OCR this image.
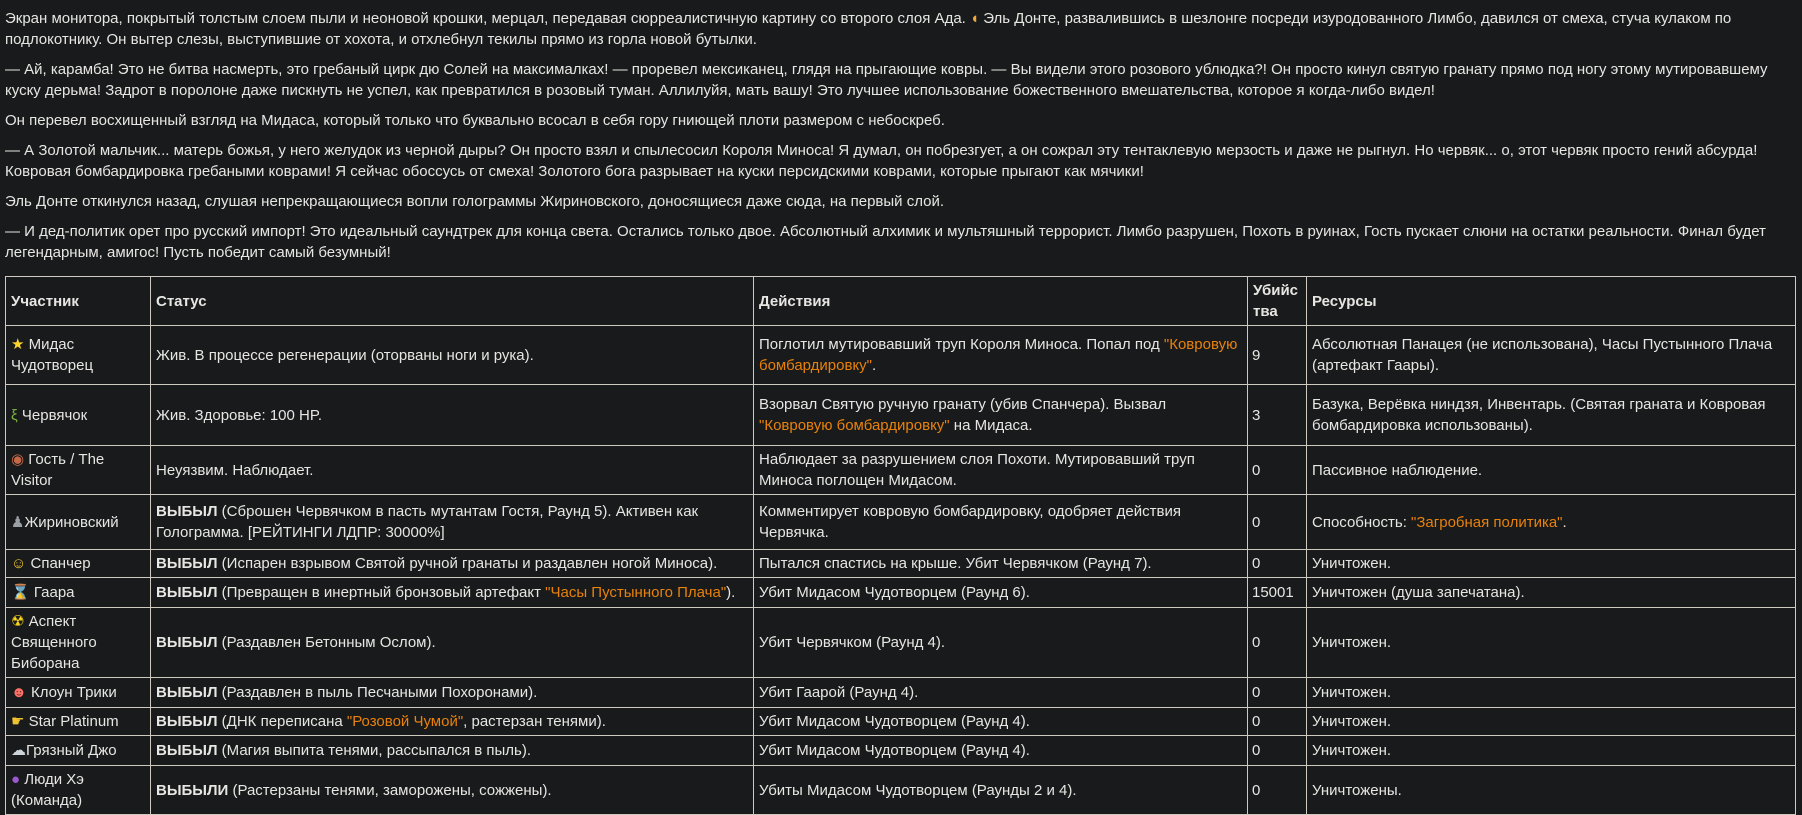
Экран монитора, покрытый толстым слоем пыли и неоновой крошки, мерцал, передавая сюрреалистичную картину со второго слоя Ада. ◖ Эль Донте, развалившись в шезлонге посреди изуродованного Лимбо, давился от смеха, стуча кулаком по подлокотнику. Он вытер слезы, выступившие от хохота, и отхлебнул текилы прямо из горла новой бутылки.

— Ай, карамба! Это не битва насмерть, это гребаный цирк дю Солей на максималках! — проревел мексиканец, глядя на прыгающие ковры. — Вы видели этого розового ублюдка?! Он просто кинул святую гранату прямо под ногу этому мутировавшему куску дерьма! Задрот в поролоне даже пискнуть не успел, как превратился в розовый туман. Аллилуйя, мать вашу! Это лучшее использование божественного вмешательства, которое я когда-либо видел!

Он перевел восхищенный взгляд на Мидаса, который только что буквально всосал в себя гору гниющей плоти размером с небоскреб.

— А Золотой мальчик... матерь божья, у него желудок из черной дыры? Он просто взял и спылесосил Короля Миноса! Я думал, он побрезгует, а он сожрал эту тентаклевую мерзость и даже не рыгнул. Но червяк... о, этот червяк просто гений абсурда! Ковровая бомбардировка гребаными коврами! Я сейчас обоссусь от смеха! Золотого бога разрывает на куски персидскими коврами, которые прыгают как мячики!

Эль Донте откинулся назад, слушая непрекращающиеся вопли голограммы Жириновского, доносящиеся даже сюда, на первый слой.

— И дед-политик орет про русский импорт! Это идеальный саундтрек для конца света. Остались только двое. Абсолютный алхимик и мультяшный террорист. Лимбо разрушен, Похоть в руинах, Гость пускает слюни на остатки реальности. Финал будет легендарным, амигос! Пусть победит самый безумный!

Участник	Статус	Действия	Убийства	Ресурсы
★ Мидас Чудотворец	Жив. В процессе регенерации (оторваны ноги и рука).	Поглотил мутировавший труп Короля Миноса. Попал под "Ковровую бомбардировку".	9	Абсолютная Панацея (не использована), Часы Пустынного Плача (артефакт Гаары).
ξ Червячок	Жив. Здоровье: 100 HP.	Взорвал Святую ручную гранату (убив Спанчера). Вызвал "Ковровую бомбардировку" на Мидаса.	3	Базука, Верёвка ниндзя, Инвентарь. (Святая граната и Ковровая бомбардировка использованы).
◉ Гость / The Visitor	Неуязвим. Наблюдает.	Наблюдает за разрушением слоя Похоти. Мутировавший труп Миноса поглощен Мидасом.	0	Пассивное наблюдение.
♟Жириновский	ВЫБЫЛ (Сброшен Червячком в пасть мутантам Гостя, Раунд 5). Активен как Голограмма. [РЕЙТИНГИ ЛДПР: 30000%]	Комментирует ковровую бомбардировку, одобряет действия Червячка.	0	Способность: "Загробная политика".
☺ Спанчер	ВЫБЫЛ (Испарен взрывом Святой ручной гранаты и раздавлен ногой Миноса).	Пытался спастись на крыше. Убит Червячком (Раунд 7).	0	Уничтожен.
⌛ Гаара	ВЫБЫЛ (Превращен в инертный бронзовый артефакт "Часы Пустынного Плача").	Убит Мидасом Чудотворцем (Раунд 6).	15001	Уничтожен (душа запечатана).
☢ Аспект Священного Биборана	ВЫБЫЛ (Раздавлен Бетонным Ослом).	Убит Червячком (Раунд 4).	0	Уничтожен.
☻ Клоун Трики	ВЫБЫЛ (Раздавлен в пыль Песчаными Похоронами).	Убит Гаарой (Раунд 4).	0	Уничтожен.
☛ Star Platinum	ВЫБЫЛ (ДНК переписана "Розовой Чумой", растерзан тенями).	Убит Мидасом Чудотворцем (Раунд 4).	0	Уничтожен.
☁Грязный Джо	ВЫБЫЛ (Магия выпита тенями, рассыпался в пыль).	Убит Мидасом Чудотворцем (Раунд 4).	0	Уничтожен.
● Люди Хэ (Команда)	ВЫБЫЛИ (Растерзаны тенями, заморожены, сожжены).	Убиты Мидасом Чудотворцем (Раунды 2 и 4).	0	Уничтожены.
